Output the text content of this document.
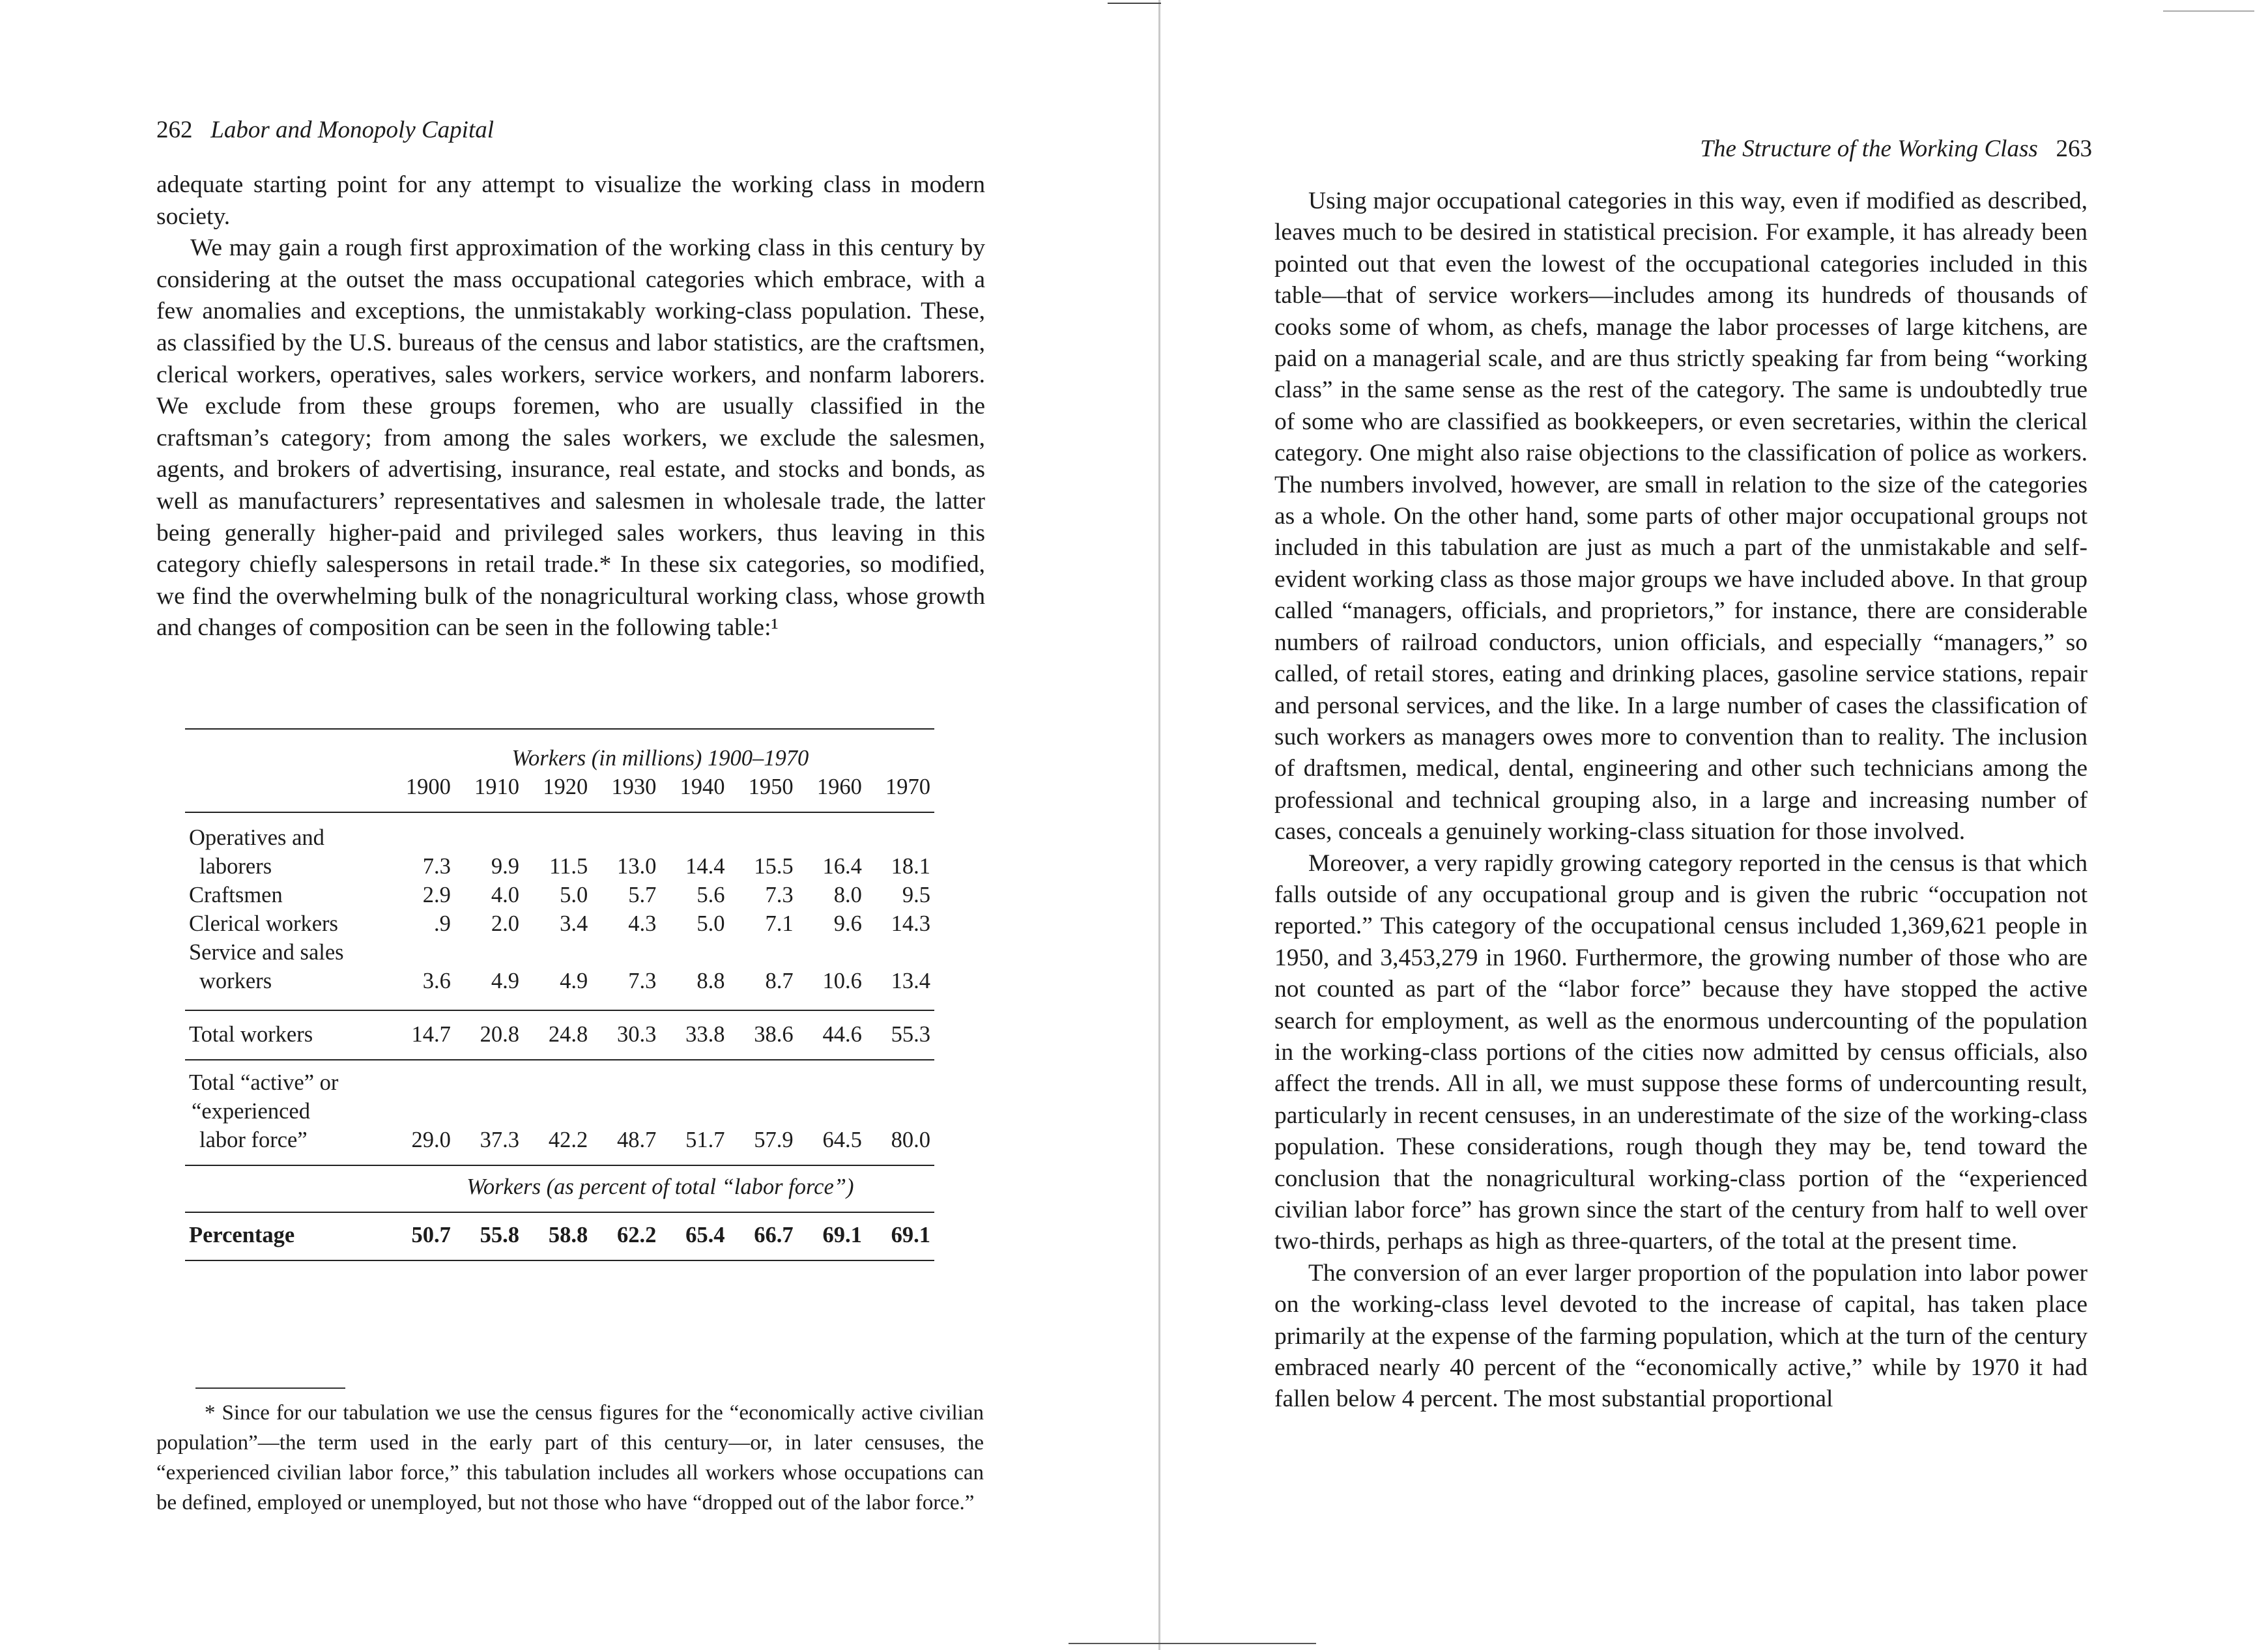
262 Labor and Monopoly Capital

adequate starting point for any attempt to visualize the working class in modern society.

We may gain a rough first approximation of the working class in this century by considering at the outset the mass occupational categories which embrace, with a few anomalies and exceptions, the unmistakably working-class population. These, as classified by the U.S. bureaus of the census and labor statistics, are the craftsmen, clerical workers, operatives, sales workers, service workers, and nonfarm laborers. We exclude from these groups foremen, who are usually classified in the craftsman’s category; from among the sales workers, we exclude the salesmen, agents, and brokers of advertising, insurance, real estate, and stocks and bonds, as well as manufacturers’ representatives and salesmen in wholesale trade, the latter being generally higher-paid and privileged sales workers, thus leaving in this category chiefly salespersons in retail trade.* In these six categories, so modified, we find the overwhelming bulk of the nonagricultural working class, whose growth and changes of composition can be seen in the following table:¹

	Workers (in millions) 1900–1970							
	1900	1910	1920	1930	1940	1950	1960	1970

Operatives and								
laborers	7.3	9.9	11.5	13.0	14.4	15.5	16.4	18.1
Craftsmen	2.9	4.0	5.0	5.7	5.6	7.3	8.0	9.5
Clerical workers	.9	2.0	3.4	4.3	5.0	7.1	9.6	14.3
Service and sales								
workers	3.6	4.9	4.9	7.3	8.8	8.7	10.6	13.4

Total workers	14.7	20.8	24.8	30.3	33.8	38.6	44.6	55.3

Total “active” or								
“experienced								
labor force”	29.0	37.3	42.2	48.7	51.7	57.9	64.5	80.0

	Workers (as percent of total “labor force”)							

Percentage	50.7	55.8	58.8	62.2	65.4	66.7	69.1	69.1

* Since for our tabulation we use the census figures for the “economically active civilian population”—the term used in the early part of this century—or, in later censuses, the “experienced civilian labor force,” this tabulation includes all workers whose occupations can be defined, employed or unemployed, but not those who have “dropped out of the labor force.”

The Structure of the Working Class 263

Using major occupational categories in this way, even if modified as described, leaves much to be desired in statistical precision. For example, it has already been pointed out that even the lowest of the occupational categories included in this table—that of service workers—includes among its hundreds of thousands of cooks some of whom, as chefs, manage the labor processes of large kitchens, are paid on a managerial scale, and are thus strictly speaking far from being “working class” in the same sense as the rest of the category. The same is undoubtedly true of some who are classified as bookkeepers, or even secretaries, within the clerical category. One might also raise objections to the classification of police as workers. The numbers involved, however, are small in relation to the size of the categories as a whole. On the other hand, some parts of other major occupational groups not included in this tabulation are just as much a part of the unmistakable and self-evident working class as those major groups we have included above. In that group called “managers, officials, and proprietors,” for instance, there are considerable numbers of railroad conductors, union officials, and especially “managers,” so called, of retail stores, eating and drinking places, gasoline service stations, repair and personal services, and the like. In a large number of cases the classification of such workers as managers owes more to convention than to reality. The inclusion of draftsmen, medical, dental, engineering and other such technicians among the professional and technical grouping also, in a large and increasing number of cases, conceals a genuinely working-class situation for those involved.

Moreover, a very rapidly growing category reported in the census is that which falls outside of any occupational group and is given the rubric “occupation not reported.” This category of the occupational census included 1,369,621 people in 1950, and 3,453,279 in 1960. Furthermore, the growing number of those who are not counted as part of the “labor force” because they have stopped the active search for employment, as well as the enormous undercounting of the population in the working-class portions of the cities now admitted by census officials, also affect the trends. All in all, we must suppose these forms of undercounting result, particularly in recent censuses, in an underestimate of the size of the working-class population. These considerations, rough though they may be, tend toward the conclusion that the nonagricultural working-class portion of the “experienced civilian labor force” has grown since the start of the century from half to well over two-thirds, perhaps as high as three-quarters, of the total at the present time.

The conversion of an ever larger proportion of the population into labor power on the working-class level devoted to the increase of capital, has taken place primarily at the expense of the farming population, which at the turn of the century embraced nearly 40 percent of the “economically active,” while by 1970 it had fallen below 4 percent. The most substantial proportional
